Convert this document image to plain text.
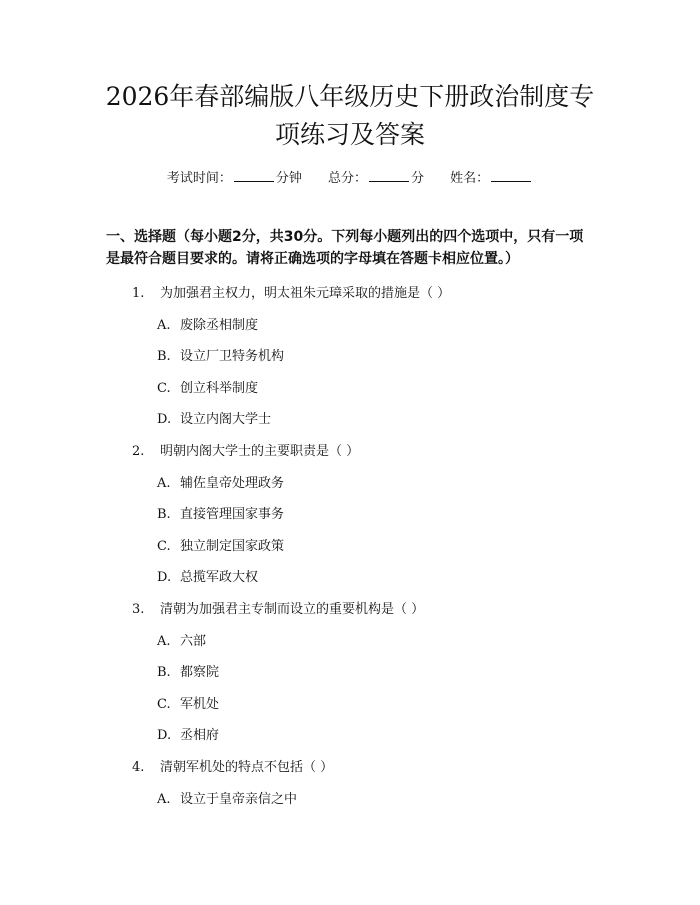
2026年春部编版八年级历史下册政治制度专
项练习及答案
考试时间：	分钟 总分：	分 姓名：

一、选择题（每小题2分，共30分。下列每小题列出的四个选项中，只有一项是最符合题目要求的。请将正确选项的字母填在答题卡相应位置。）

1. 为加强君主权力，明太祖朱元璋采取的措施是（ ）
A. 废除丞相制度
B. 设立厂卫特务机构
C. 创立科举制度
D. 设立内阁大学士
2. 明朝内阁大学士的主要职责是（ ）
A. 辅佐皇帝处理政务
B. 直接管理国家事务
C. 独立制定国家政策
D. 总揽军政大权
3. 清朝为加强君主专制而设立的重要机构是（ ）
A. 六部
B. 都察院
C. 军机处
D. 丞相府
4. 清朝军机处的特点不包括（ ）
A. 设立于皇帝亲信之中
